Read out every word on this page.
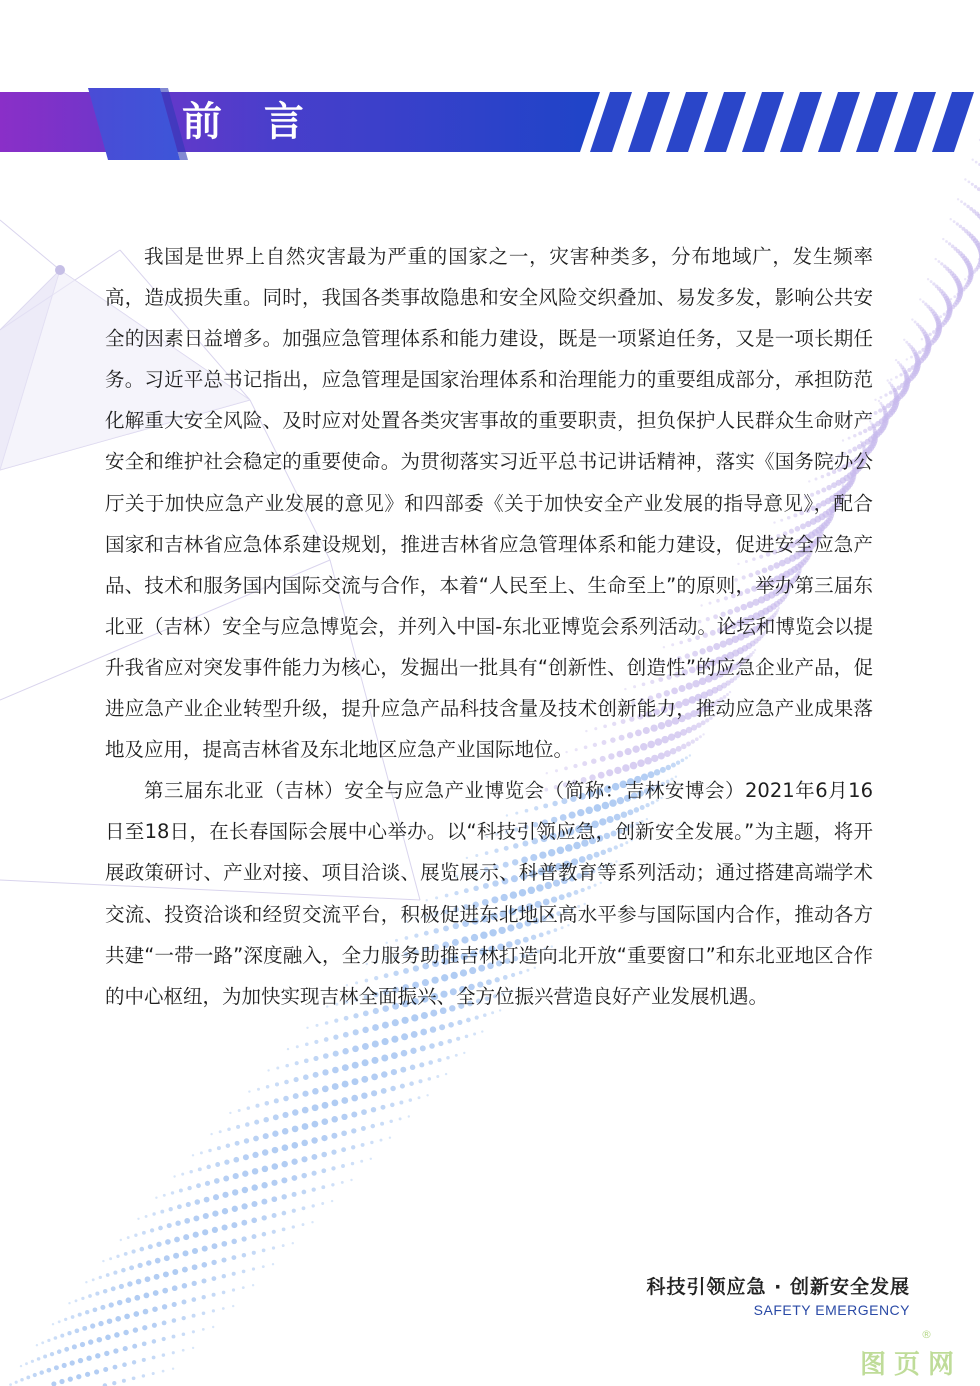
前 言

我国是世界上自然灾害最为严重的国家之一，灾害种类多，分布地域广，发生频率高，造成损失重。同时，我国各类事故隐患和安全风险交织叠加、易发多发，影响公共安全的因素日益增多。加强应急管理体系和能力建设，既是一项紧迫任务，又是一项长期任务。习近平总书记指出，应急管理是国家治理体系和治理能力的重要组成部分，承担防范化解重大安全风险、及时应对处置各类灾害事故的重要职责，担负保护人民群众生命财产安全和维护社会稳定的重要使命。为贯彻落实习近平总书记讲话精神，落实《国务院办公厅关于加快应急产业发展的意见》和四部委《关于加快安全产业发展的指导意见》，配合国家和吉林省应急体系建设规划，推进吉林省应急管理体系和能力建设，促进安全应急产品、技术和服务国内国际交流与合作，本着“人民至上、生命至上”的原则，举办第三届东北亚（吉林）安全与应急博览会，并列入中国-东北亚博览会系列活动。论坛和博览会以提升我省应对突发事件能力为核心，发掘出一批具有“创新性、创造性”的应急企业产品，促进应急产业企业转型升级，提升应急产品科技含量及技术创新能力，推动应急产业成果落地及应用，提高吉林省及东北地区应急产业国际地位。

第三届东北亚（吉林）安全与应急产业博览会（简称：吉林安博会）2021年6月16日至18日，在长春国际会展中心举办。以“科技引领应急，创新安全发展。”为主题，将开展政策研讨、产业对接、项目洽谈、展览展示、科普教育等系列活动；通过搭建高端学术交流、投资洽谈和经贸交流平台，积极促进东北地区高水平参与国际国内合作，推动各方共建“一带一路”深度融入，全力服务助推吉林打造向北开放“重要窗口”和东北亚地区合作的中心枢纽，为加快实现吉林全面振兴、全方位振兴营造良好产业发展机遇。

科技引领应急 · 创新安全发展
SAFETY EMERGENCY
图页网
®
